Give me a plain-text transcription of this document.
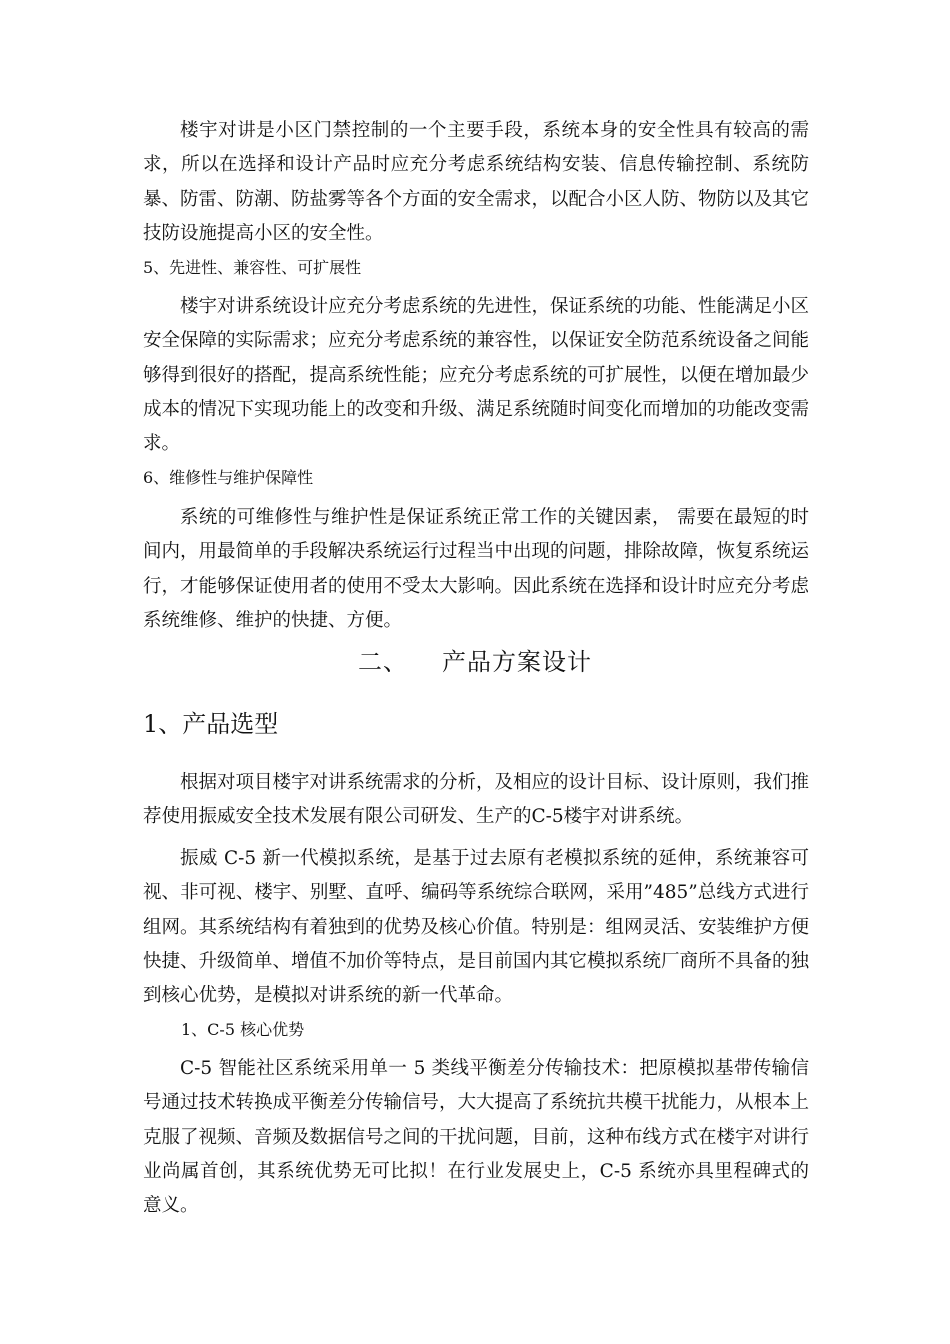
楼宇对讲是小区门禁控制的一个主要手段，系统本身的安全性具有较高的需求，所以在选择和设计产品时应充分考虑系统结构安装、信息传输控制、系统防暴、防雷、防潮、防盐雾等各个方面的安全需求，以配合小区人防、物防以及其它技防设施提高小区的安全性。

5、先进性、兼容性、可扩展性

楼宇对讲系统设计应充分考虑系统的先进性，保证系统的功能、性能满足小区安全保障的实际需求；应充分考虑系统的兼容性，以保证安全防范系统设备之间能够得到很好的搭配，提高系统性能；应充分考虑系统的可扩展性，以便在增加最少成本的情况下实现功能上的改变和升级、满足系统随时间变化而增加的功能改变需求。

6、维修性与维护保障性

系统的可维修性与维护性是保证系统正常工作的关键因素， 需要在最短的时间内，用最简单的手段解决系统运行过程当中出现的问题，排除故障，恢复系统运行，才能够保证使用者的使用不受太大影响。因此系统在选择和设计时应充分考虑系统维修、维护的快捷、方便。

二、 产品方案设计
1、产品选型

根据对项目楼宇对讲系统需求的分析，及相应的设计目标、设计原则，我们推荐使用振威安全技术发展有限公司研发、生产的C-5楼宇对讲系统。

振威 C-5 新一代模拟系统，是基于过去原有老模拟系统的延伸，系统兼容可视、非可视、楼宇、别墅、直呼、编码等系统综合联网，采用”485”总线方式进行组网。其系统结构有着独到的优势及核心价值。特别是：组网灵活、安装维护方便快捷、升级简单、增值不加价等特点，是目前国内其它模拟系统厂商所不具备的独到核心优势，是模拟对讲系统的新一代革命。

1、C-5 核心优势

C-5 智能社区系统采用单一 5 类线平衡差分传输技术：把原模拟基带传输信号通过技术转换成平衡差分传输信号，大大提高了系统抗共模干扰能力，从根本上克服了视频、音频及数据信号之间的干扰问题，目前，这种布线方式在楼宇对讲行业尚属首创，其系统优势无可比拟！在行业发展史上，C-5 系统亦具里程碑式的意义。
